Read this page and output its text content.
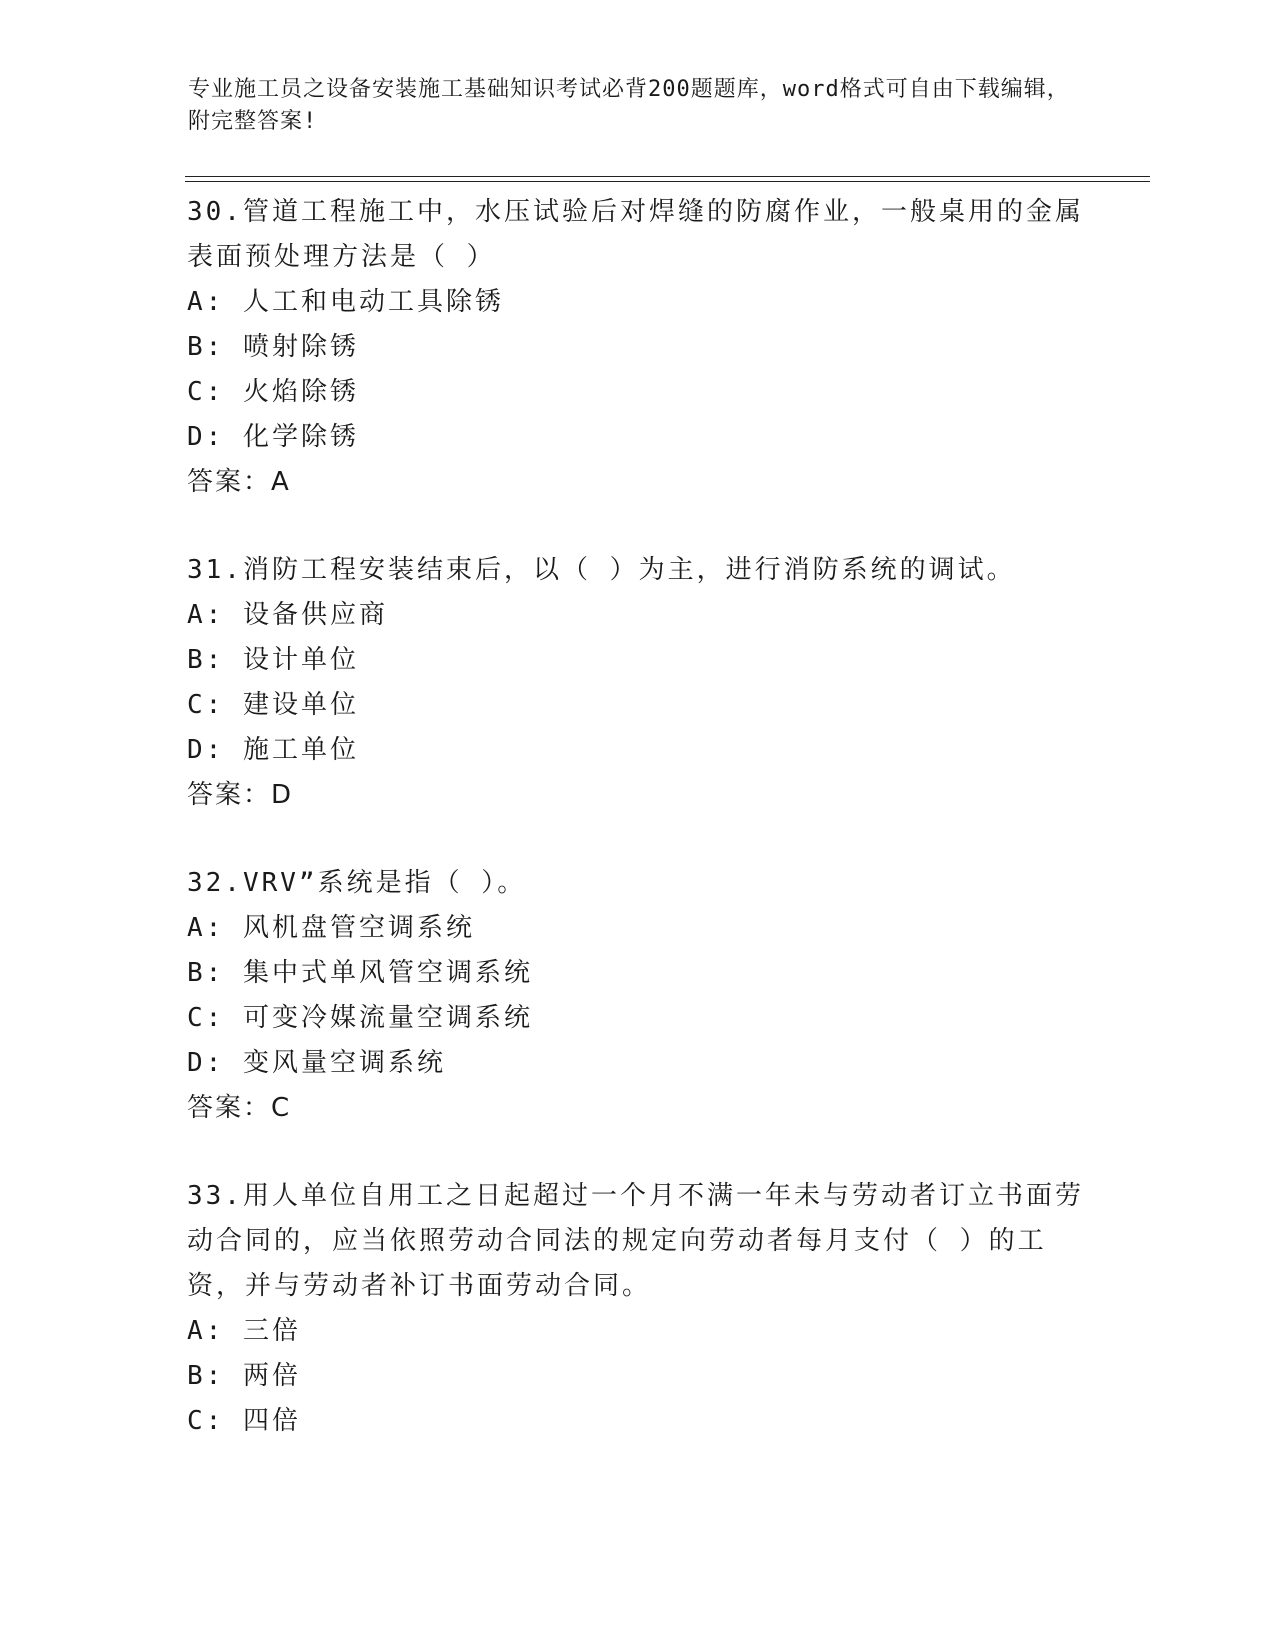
专业施工员之设备安装施工基础知识考试必背200题题库，word格式可自由下载编辑，附完整答案!

30.管道工程施工中，水压试验后对焊缝的防腐作业，一般桌用的金属表面预处理方法是（ ）

A: 人工和电动工具除锈

B: 喷射除锈

C: 火焰除锈

D: 化学除锈

答案：A

31.消防工程安装结束后，以（ ）为主，进行消防系统的调试。

A: 设备供应商

B: 设计单位

C: 建设单位

D: 施工单位

答案：D

32.VRV”系统是指（ ）。

A: 风机盘管空调系统

B: 集中式单风管空调系统

C: 可变冷媒流量空调系统

D: 变风量空调系统

答案：C

33.用人单位自用工之日起超过一个月不满一年未与劳动者订立书面劳动合同的，应当依照劳动合同法的规定向劳动者每月支付（ ）的工资，并与劳动者补订书面劳动合同。

A: 三倍

B: 两倍

C: 四倍
